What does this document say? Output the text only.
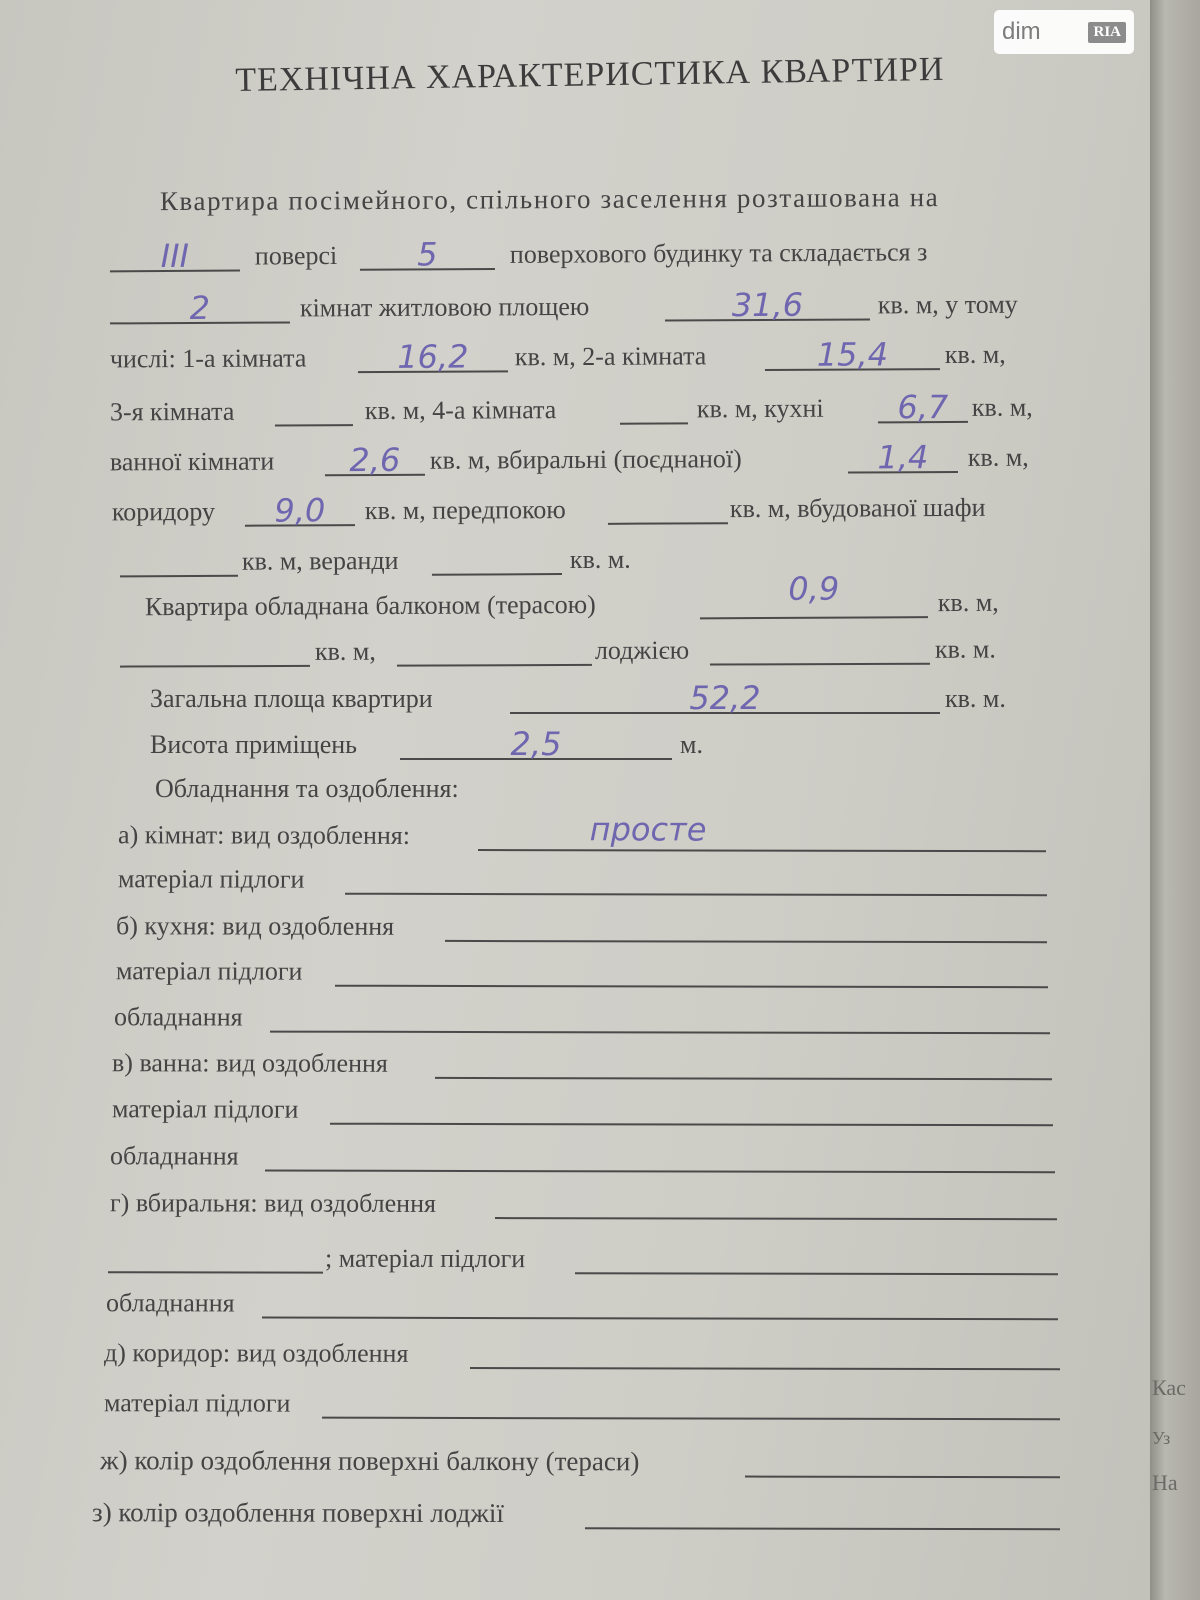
dim	RIA
ТЕХНІЧНА ХАРАКТЕРИСТИКА КВАРТИРИ
Квартира посімейного, спільного заселення розташована на
III	поверсі	5	поверхового будинку та складається з
2	кімнат житловою площею	31,6	кв. м, у тому
числі: 1-а кімната	16,2	кв. м, 2-а кімната	15,4	кв. м,
3-я кімната	кв. м, 4-а кімната	кв. м, кухні	6,7 кв. м,
ванної кімнати	2,6	кв. м, вбиральні (поєднаної)	1,4	кв. м,
коридору	9,0	кв. м, передпокою	кв. м, вбудованої шафи
кв. м, веранди	кв. м.
Квартира обладнана балконом (терасою)	0,9	кв. м,
кв. м,	лоджією	кв. м.
Загальна площа квартири	52,2	кв. м.
Висота приміщень	2,5	м.
Обладнання та оздоблення:
а) кімнат: вид оздоблення:	просте
матеріал підлоги
б) кухня: вид оздоблення
матеріал підлоги
обладнання
в) ванна: вид оздоблення
матеріал підлоги
обладнання
г) вбиральня: вид оздоблення
; матеріал підлоги
обладнання
д) коридор: вид оздоблення
матеріал підлоги
ж) колір оздоблення поверхні балкону (тераси)
з) колір оздоблення поверхні лоджії
Кас
Уз
На
